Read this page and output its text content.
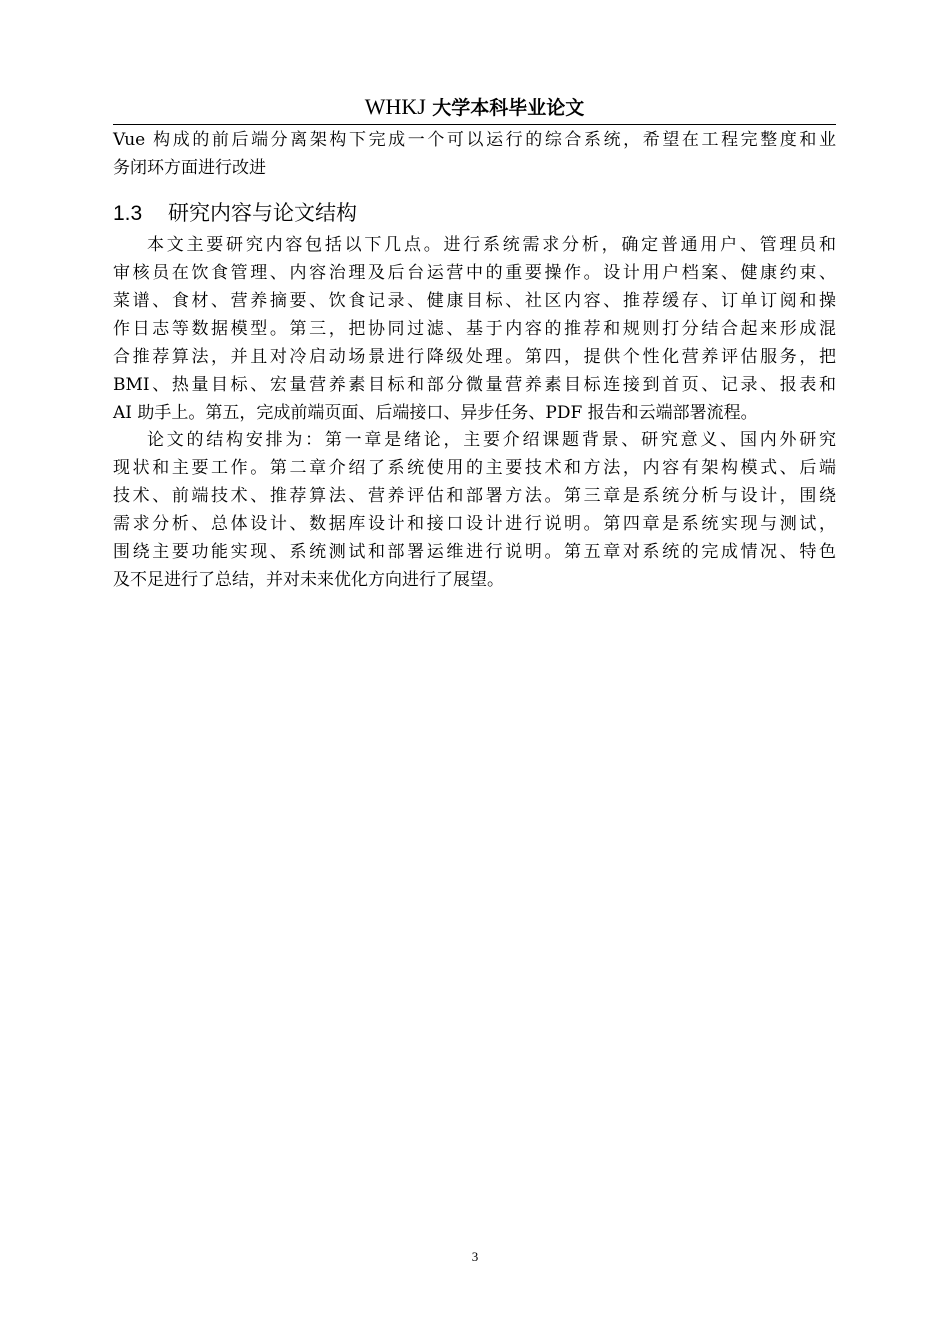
WHKJ 大学本科毕业论文
Vue 构成的前后端分离架构下完成一个可以运行的综合系统，希望在工程完整度和业
务闭环方面进行改进
1.3 研究内容与论文结构
本文主要研究内容包括以下几点。进行系统需求分析，确定普通用户、管理员和
审核员在饮食管理、内容治理及后台运营中的重要操作。设计用户档案、健康约束、
菜谱、食材、营养摘要、饮食记录、健康目标、社区内容、推荐缓存、订单订阅和操
作日志等数据模型。第三，把协同过滤、基于内容的推荐和规则打分结合起来形成混
合推荐算法，并且对冷启动场景进行降级处理。第四，提供个性化营养评估服务，把
BMI、热量目标、宏量营养素目标和部分微量营养素目标连接到首页、记录、报表和
AI 助手上。第五，完成前端页面、后端接口、异步任务、PDF 报告和云端部署流程。
论文的结构安排为：第一章是绪论，主要介绍课题背景、研究意义、国内外研究
现状和主要工作。第二章介绍了系统使用的主要技术和方法，内容有架构模式、后端
技术、前端技术、推荐算法、营养评估和部署方法。第三章是系统分析与设计，围绕
需求分析、总体设计、数据库设计和接口设计进行说明。第四章是系统实现与测试，
围绕主要功能实现、系统测试和部署运维进行说明。第五章对系统的完成情况、特色
及不足进行了总结，并对未来优化方向进行了展望。
3
